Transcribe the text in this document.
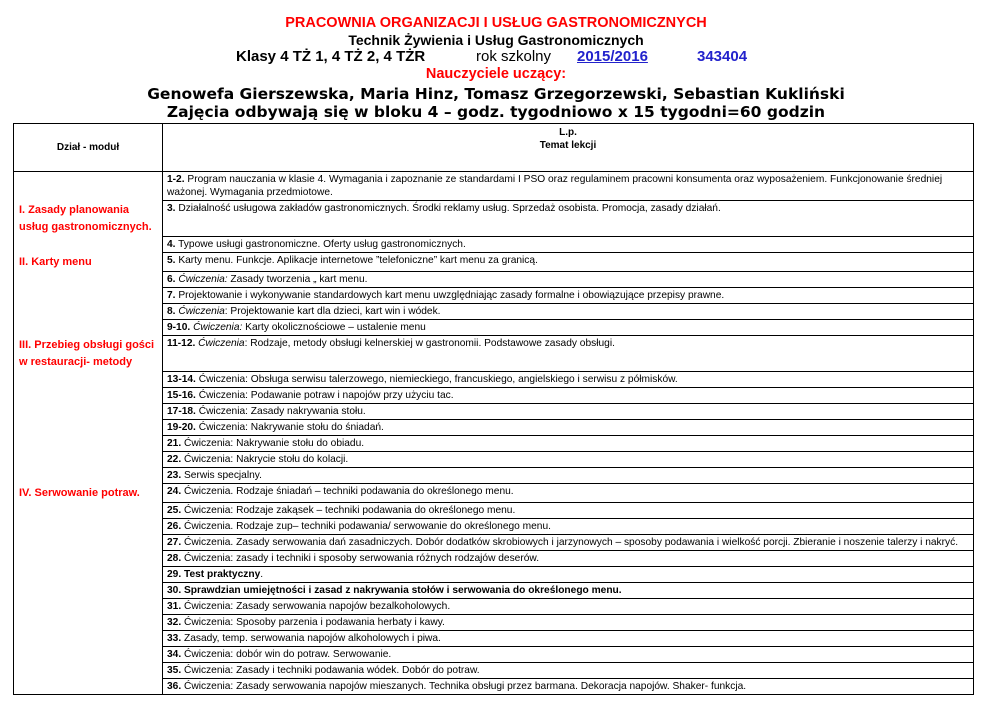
PRACOWNIA ORGANIZACJI I USŁUG GASTRONOMICZNYCH
Technik Żywienia i Usług Gastronomicznych
Klasy 4 TŻ 1, 4 TŻ 2, 4 TŻR	rok szkolny 2015/2016	343404
Nauczyciele uczący:
Genowefa Gierszewska, Maria Hinz, Tomasz Grzegorzewski, Sebastian Kukliński
Zajęcia odbywają się w bloku 4 – godz. tygodniowo x 15 tygodni=60 godzin
Dział - moduł	L.p.
Temat lekcji

	1-2. Program nauczania w klasie 4. Wymagania i zapoznanie ze standardami I PSO oraz regulaminem pracowni konsumenta oraz wyposażeniem. Funkcjonowanie średniej ważonej. Wymagania przedmiotowe.

I. Zasady planowania
usług gastronomicznych.	3. Działalność usługowa zakładów gastronomicznych. Środki reklamy usług. Sprzedaż osobista. Promocja, zasady działań.
	4. Typowe usługi gastronomiczne. Oferty usług gastronomicznych.

II. Karty menu	5. Karty menu. Funkcje. Aplikacje internetowe ”telefoniczne” kart menu za granicą.
	6. Ćwiczenia: Zasady tworzenia „ kart menu.
	7. Projektowanie i wykonywanie standardowych kart menu uwzględniając zasady formalne i obowiązujące przepisy prawne.
	8. Ćwiczenia: Projektowanie kart dla dzieci, kart win i wódek.
	9-10. Ćwiczenia: Karty okolicznościowe – ustalenie menu

III. Przebieg obsługi gości
w restauracji- metody	11-12. Ćwiczenia: Rodzaje, metody obsługi kelnerskiej w gastronomii. Podstawowe zasady obsługi.
	13-14. Ćwiczenia: Obsługa serwisu talerzowego, niemieckiego, francuskiego, angielskiego i serwisu z półmisków.
	15-16. Ćwiczenia: Podawanie potraw i napojów przy użyciu tac.
	17-18. Ćwiczenia: Zasady nakrywania stołu.
	19-20. Ćwiczenia: Nakrywanie stołu do śniadań.
	21. Ćwiczenia: Nakrywanie stołu do obiadu.
	22. Ćwiczenia: Nakrycie stołu do kolacji.
	23. Serwis specjalny.

IV. Serwowanie potraw.	24. Ćwiczenia. Rodzaje śniadań – techniki podawania do określonego menu.
	25. Ćwiczenia: Rodzaje zakąsek – techniki podawania do określonego menu.
	26. Ćwiczenia. Rodzaje zup– techniki podawania/ serwowanie do określonego menu.
	27. Ćwiczenia. Zasady serwowania dań zasadniczych. Dobór dodatków skrobiowych i jarzynowych – sposoby podawania i wielkość porcji. Zbieranie i noszenie talerzy i nakryć.
	28. Ćwiczenia: zasady i techniki i sposoby serwowania różnych rodzajów deserów.
	29. Test praktyczny.
	30. Sprawdzian umiejętności i zasad z nakrywania stołów i serwowania do określonego menu.
	31. Ćwiczenia: Zasady serwowania napojów bezalkoholowych.
	32. Ćwiczenia: Sposoby parzenia i podawania herbaty i kawy.
	33. Zasady, temp. serwowania napojów alkoholowych i piwa.
	34. Ćwiczenia: dobór win do potraw. Serwowanie.
	35. Ćwiczenia: Zasady i techniki podawania wódek. Dobór do potraw.
	36. Ćwiczenia: Zasady serwowania napojów mieszanych. Technika obsługi przez barmana. Dekoracja napojów. Shaker- funkcja.
